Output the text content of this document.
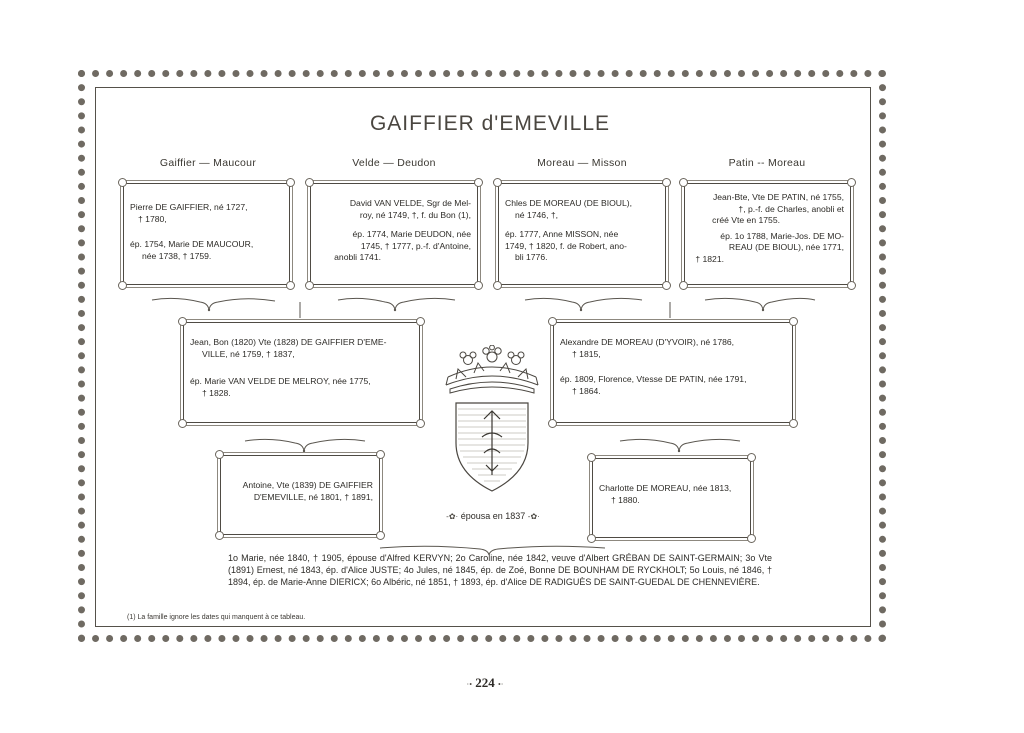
GAIFFIER d'EMEVILLE
Gaiffier — Maucour	Velde — Deudon	Moreau — Misson	Patin -- Moreau

Pierre DE GAIFFIER, né 1727,
† 1780,

ép. 1754, Marie DE MAUCOUR,
née 1738, † 1759.

David VAN VELDE, Sgr de Mel-
roy, né 1749, †, f. du Bon (1),

ép. 1774, Marie DEUDON, née
1745, † 1777, p.-f. d'Antoine,
anobli 1741.

Chles DE MOREAU (DE BIOUL),
né 1746, †,

ép. 1777, Anne MISSON, née
1749, † 1820, f. de Robert, ano-
bli 1776.

Jean-Bte, Vte DE PATIN, né 1755,
†, p.-f. de Charles, anobli et
créé Vte en 1755.

ép. 1o 1788, Marie-Jos. DE MO-
REAU (DE BIOUL), née 1771,
† 1821.

Jean, Bon (1820) Vte (1828) DE GAIFFIER D'EME-
VILLE, né 1759, † 1837,

ép. Marie VAN VELDE DE MELROY, née 1775,
† 1828.

Alexandre DE MOREAU (D'YVOIR), né 1786,
† 1815,

ép. 1809, Florence, Vtesse DE PATIN, née 1791,
† 1864.

Antoine, Vte (1839) DE GAIFFIER
D'EMEVILLE, né 1801, † 1891,

Charlotte DE MOREAU, née 1813,
† 1880.

-✿· épousa en 1837 -✿·
1o Marie, née 1840, † 1905, épouse d'Alfred KERVYN; 2o Caroline, née 1842, veuve d'Albert GRÉBAN DE SAINT-GERMAIN; 3o Vte (1891) Ernest, né 1843, ép. d'Alice JUSTE; 4o Jules, né 1845, ép. de Zoé, Bonne DE BOUNHAM DE RYCKHOLT; 5o Louis, né 1846, † 1894, ép. de Marie-Anne DIERICX; 6o Albéric, né 1851, † 1893, ép. d'Alice DE RADIGUÈS DE SAINT-GUEDAL DE CHENNEVIÈRE.
(1) La famille ignore les dates qui manquent à ce tableau.
·• 224 •·
